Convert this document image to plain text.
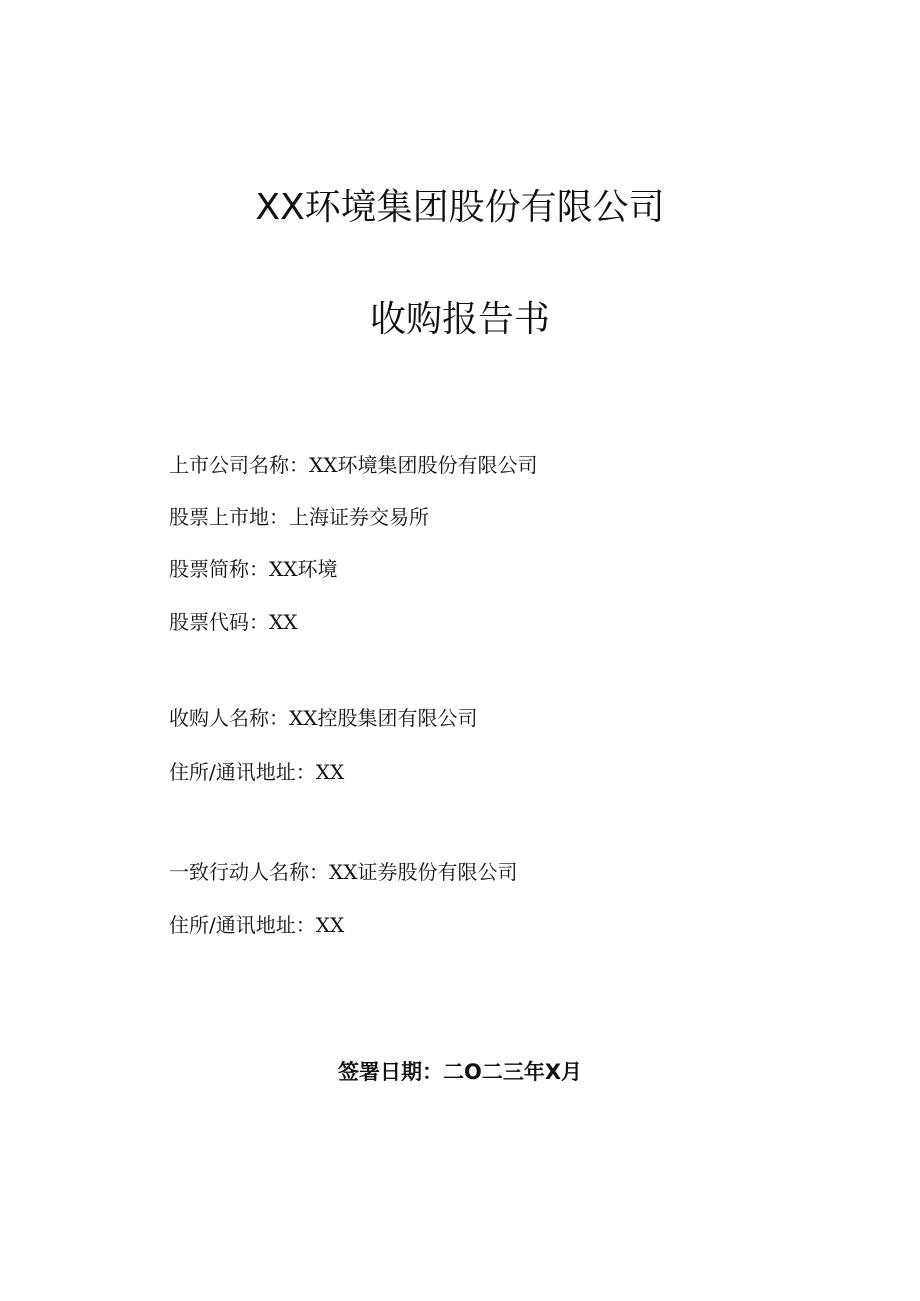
XX环境集团股份有限公司
收购报告书
上市公司名称：XX环境集团股份有限公司
股票上市地：上海证券交易所
股票简称：XX环境
股票代码：XX
收购人名称：XX控股集团有限公司
住所/通讯地址：XX
一致行动人名称：XX证券股份有限公司
住所/通讯地址：XX
签署日期：二O二三年X月
